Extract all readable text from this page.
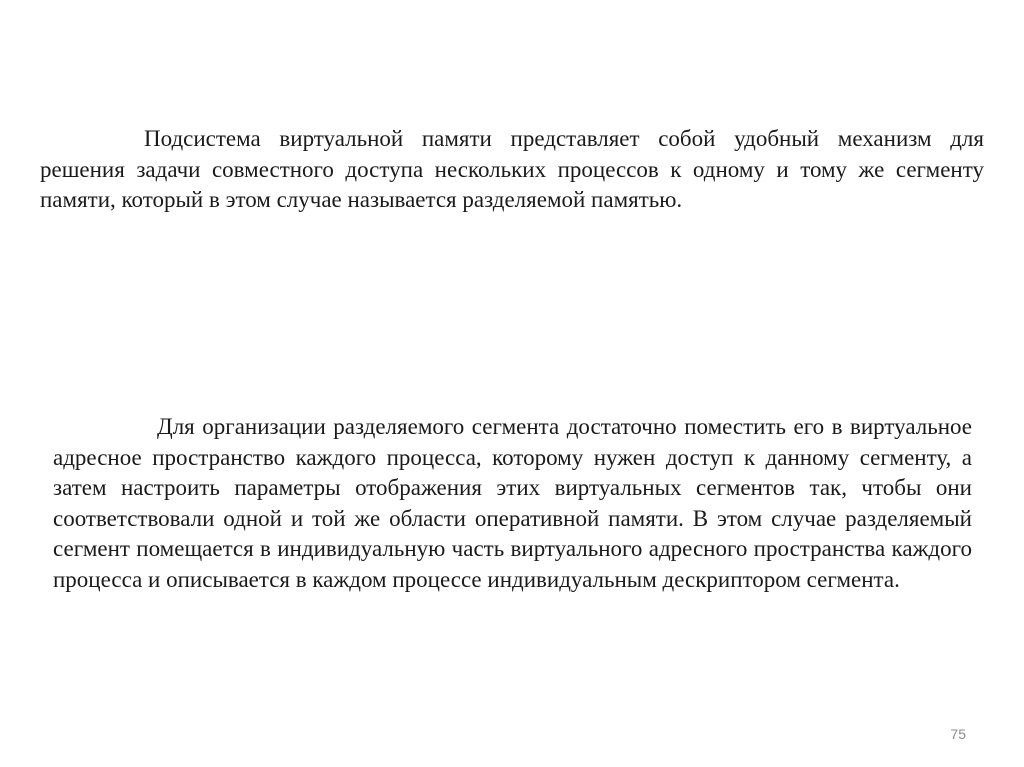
Подсистема виртуальной памяти представляет собой удобный механизм для решения задачи совместного доступа нескольких процессов к одному и тому же сегменту памяти, который в этом случае называется разделяемой памятью.

Для организации разделяемого сегмента достаточно поместить его в виртуальное адресное пространство каждого процесса, которому нужен доступ к данному сегменту, а затем настроить параметры отображения этих виртуальных сегментов так, чтобы они соответствовали одной и той же области оперативной памяти. В этом случае разделяемый сегмент помещается в индивидуальную часть виртуального адресного пространства каждого процесса и описывается в каждом процессе индивидуальным дескриптором сегмента.

75
